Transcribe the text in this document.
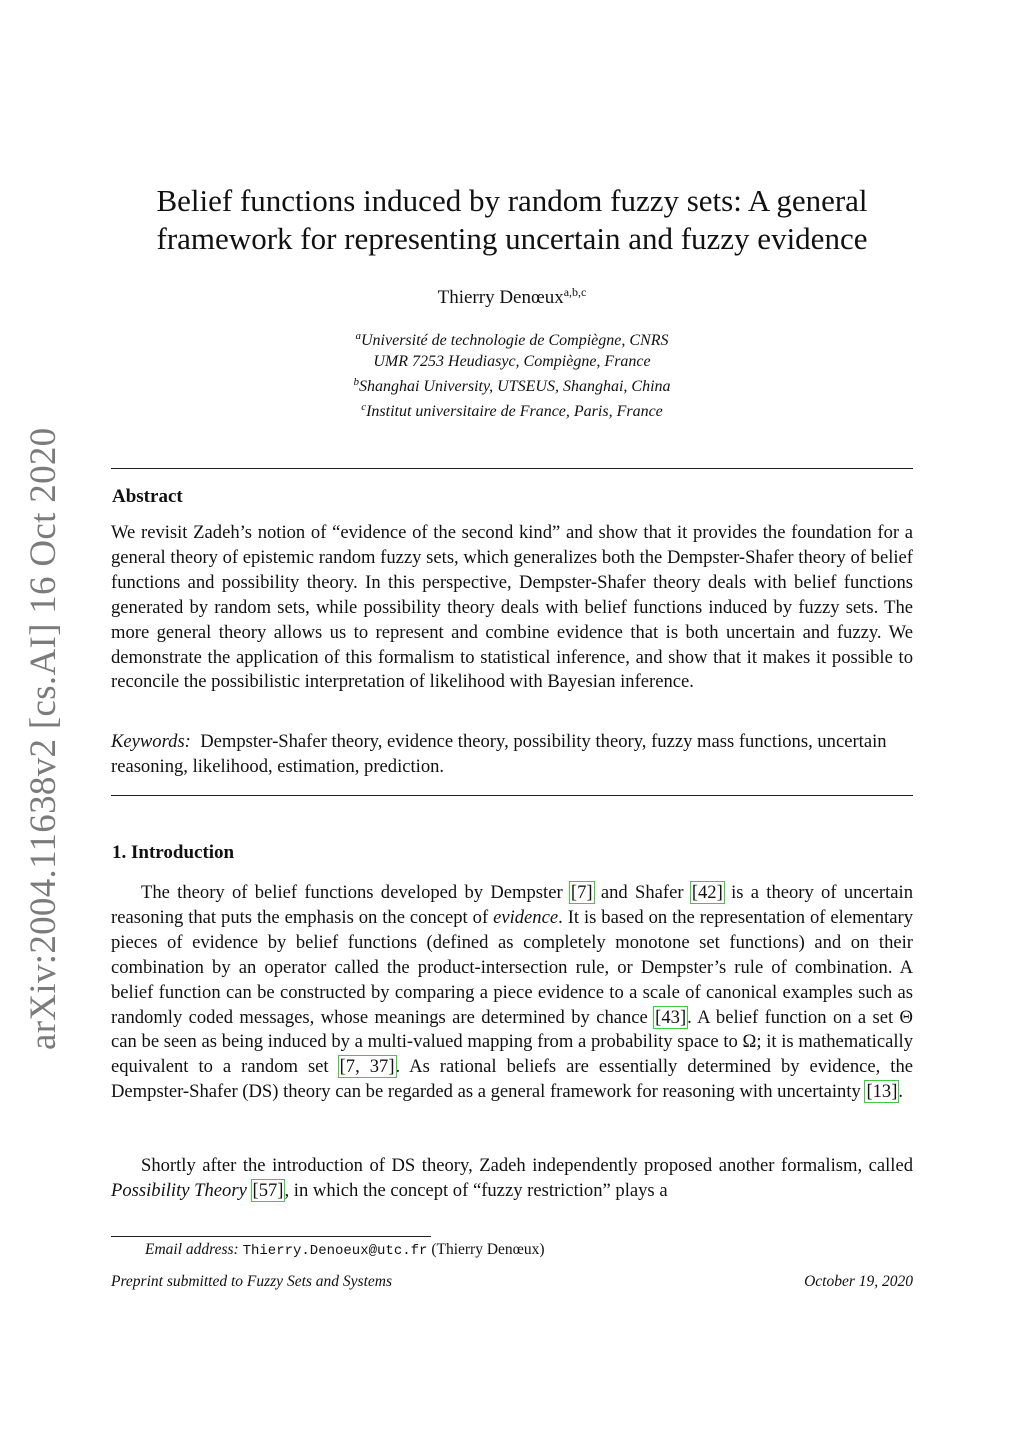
arXiv:2004.11638v2 [cs.AI] 16 Oct 2020
Belief functions induced by random fuzzy sets: A general
framework for representing uncertain and fuzzy evidence
Thierry Denœux$^{a,b,c}$
$^a$Université de technologie de Compiègne, CNRS
UMR 7253 Heudiasyc, Compiègne, France
$^b$Shanghai University, UTSEUS, Shanghai, China
$^c$Institut universitaire de France, Paris, France
Abstract
We revisit Zadeh’s notion of “evidence of the second kind” and show that it provides the foundation for a general theory of epistemic random fuzzy sets, which generalizes both the Dempster-Shafer theory of belief functions and possibility theory. In this perspective, Dempster-Shafer theory deals with belief functions generated by random sets, while possibility theory deals with belief functions induced by fuzzy sets. The more general theory allows us to represent and combine evidence that is both uncertain and fuzzy. We demonstrate the application of this formalism to statistical inference, and show that it makes it possible to reconcile the possibilistic interpretation of likelihood with Bayesian inference.
Keywords: Dempster-Shafer theory, evidence theory, possibility theory, fuzzy mass functions, uncertain reasoning, likelihood, estimation, prediction.
1. Introduction
The theory of belief functions developed by Dempster [7] and Shafer [42] is a theory of uncertain reasoning that puts the emphasis on the concept of evidence. It is based on the representation of elementary pieces of evidence by belief functions (defined as completely monotone set functions) and on their combination by an operator called the product-intersection rule, or Dempster’s rule of combination. A belief function can be constructed by comparing a piece evidence to a scale of canonical examples such as randomly coded messages, whose meanings are determined by chance [43]. A belief function on a set Θ can be seen as being induced by a multi-valued mapping from a probability space to Ω; it is mathematically equivalent to a random set [7, 37]. As rational beliefs are essentially determined by evidence, the Dempster-Shafer (DS) theory can be regarded as a general framework for reasoning with uncertainty [13].
Shortly after the introduction of DS theory, Zadeh independently proposed another formalism, called Possibility Theory [57], in which the concept of “fuzzy restriction” plays a
Email address: Thierry.Denoeux@utc.fr (Thierry Denœux)
Preprint submitted to Fuzzy Sets and Systems	October 19, 2020
